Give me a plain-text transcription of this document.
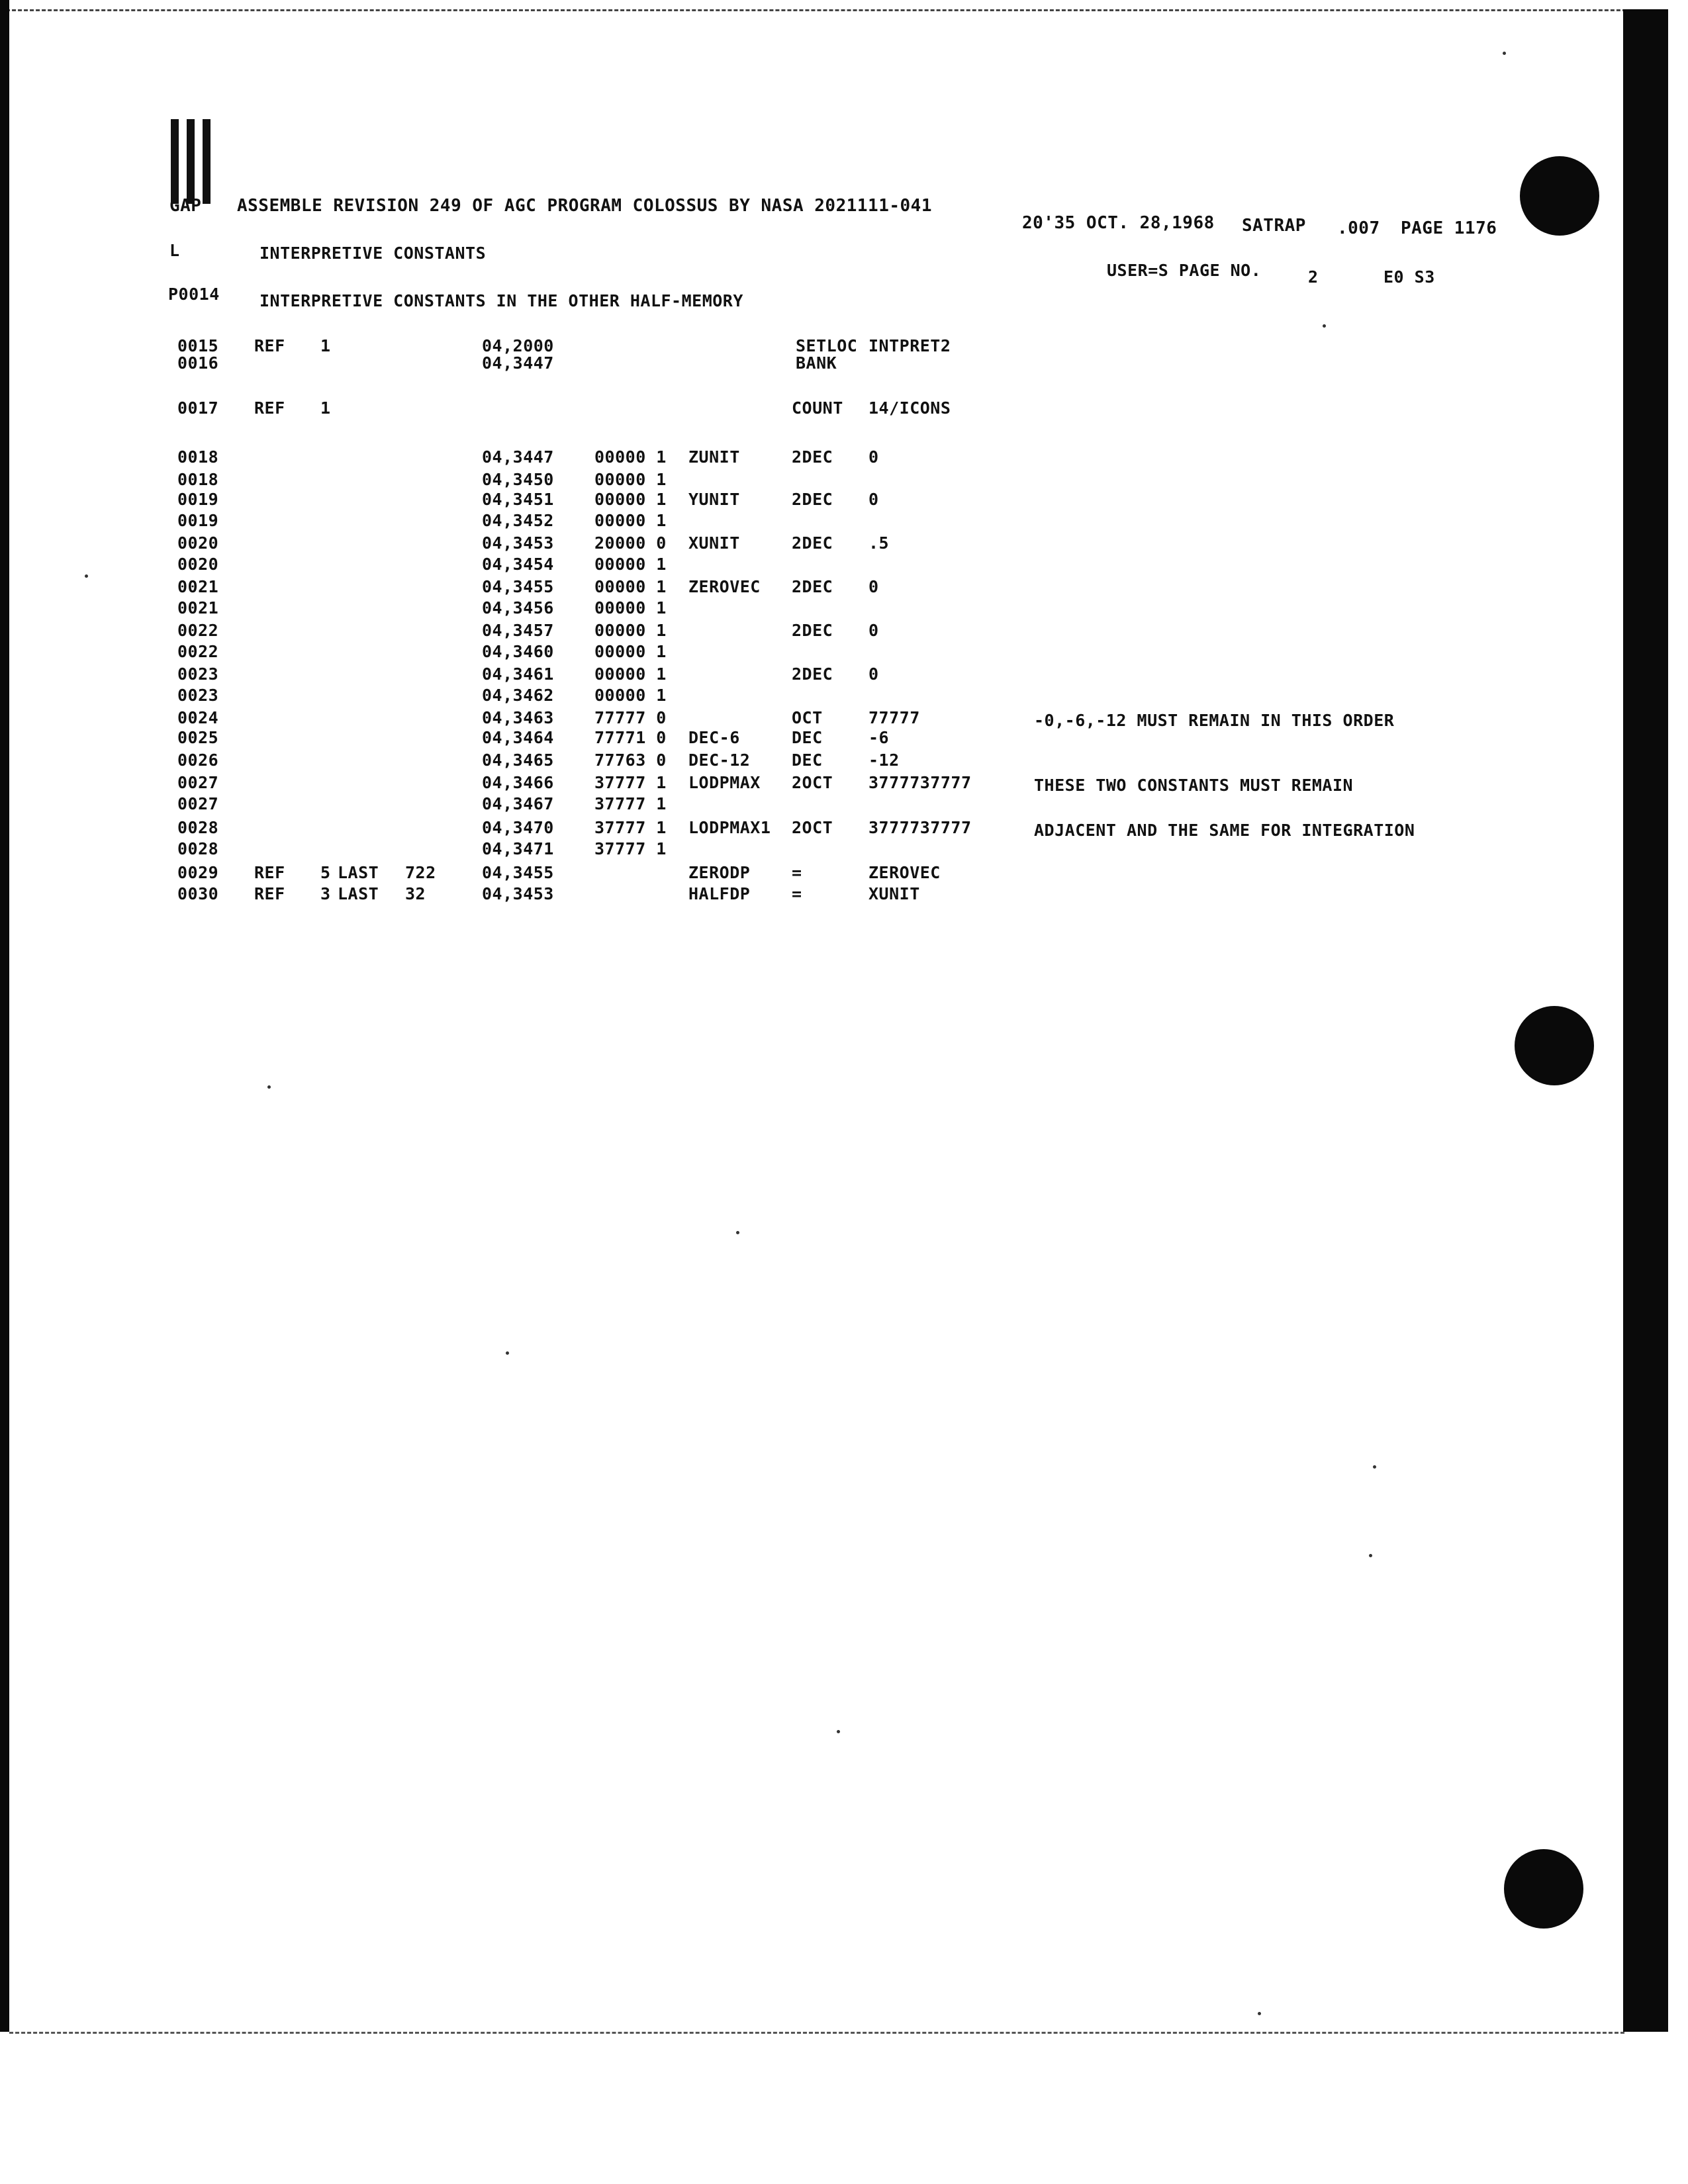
GAP ASSEMBLE REVISION 249 OF AGC PROGRAM COLOSSUS BY NASA 2021111-041
20'35 OCT. 28,1968 SATRAP .007 PAGE 1176
L	INTERPRETIVE CONSTANTS
USER=S PAGE NO.	2	E0 S3
P0014 INTERPRETIVE CONSTANTS IN THE OTHER HALF-MEMORY
0015 REF 1	04,2000	SETLOC INTPRET2
0016	04,3447	BANK
0017 REF 1	COUNT 14/ICONS
0018	04,3447 00000 1 ZUNIT	2DEC 0
0018	04,3450 00000 1
0019	04,3451 00000 1 YUNIT	2DEC 0
0019	04,3452 00000 1
0020	04,3453 20000 0 XUNIT	2DEC .5
0020	04,3454 00000 1
0021	04,3455 00000 1 ZEROVEC 2DEC 0
0021	04,3456 00000 1
0022	04,3457 00000 1	2DEC 0
0022	04,3460 00000 1
0023	04,3461 00000 1	2DEC 0
0023	04,3462 00000 1
0024	04,3463 77777 0	OCT	77777	-0,-6,-12 MUST REMAIN IN THIS ORDER
0025	04,3464 77771 0 DEC-6	DEC	-6
0026	04,3465 77763 0 DEC-12	DEC	-12
0027	04,3466 37777 1 LODPMAX 2OCT 3777737777	THESE TWO CONSTANTS MUST REMAIN
0027	04,3467 37777 1
0028	04,3470 37777 1 LODPMAX1 2OCT 3777737777	ADJACENT AND THE SAME FOR INTEGRATION
0028	04,3471 37777 1
0029 REF 5 LAST 722	04,3455	ZERODP	=	ZEROVEC
0030 REF 3 LAST 32	04,3453	HALFDP	=	XUNIT
